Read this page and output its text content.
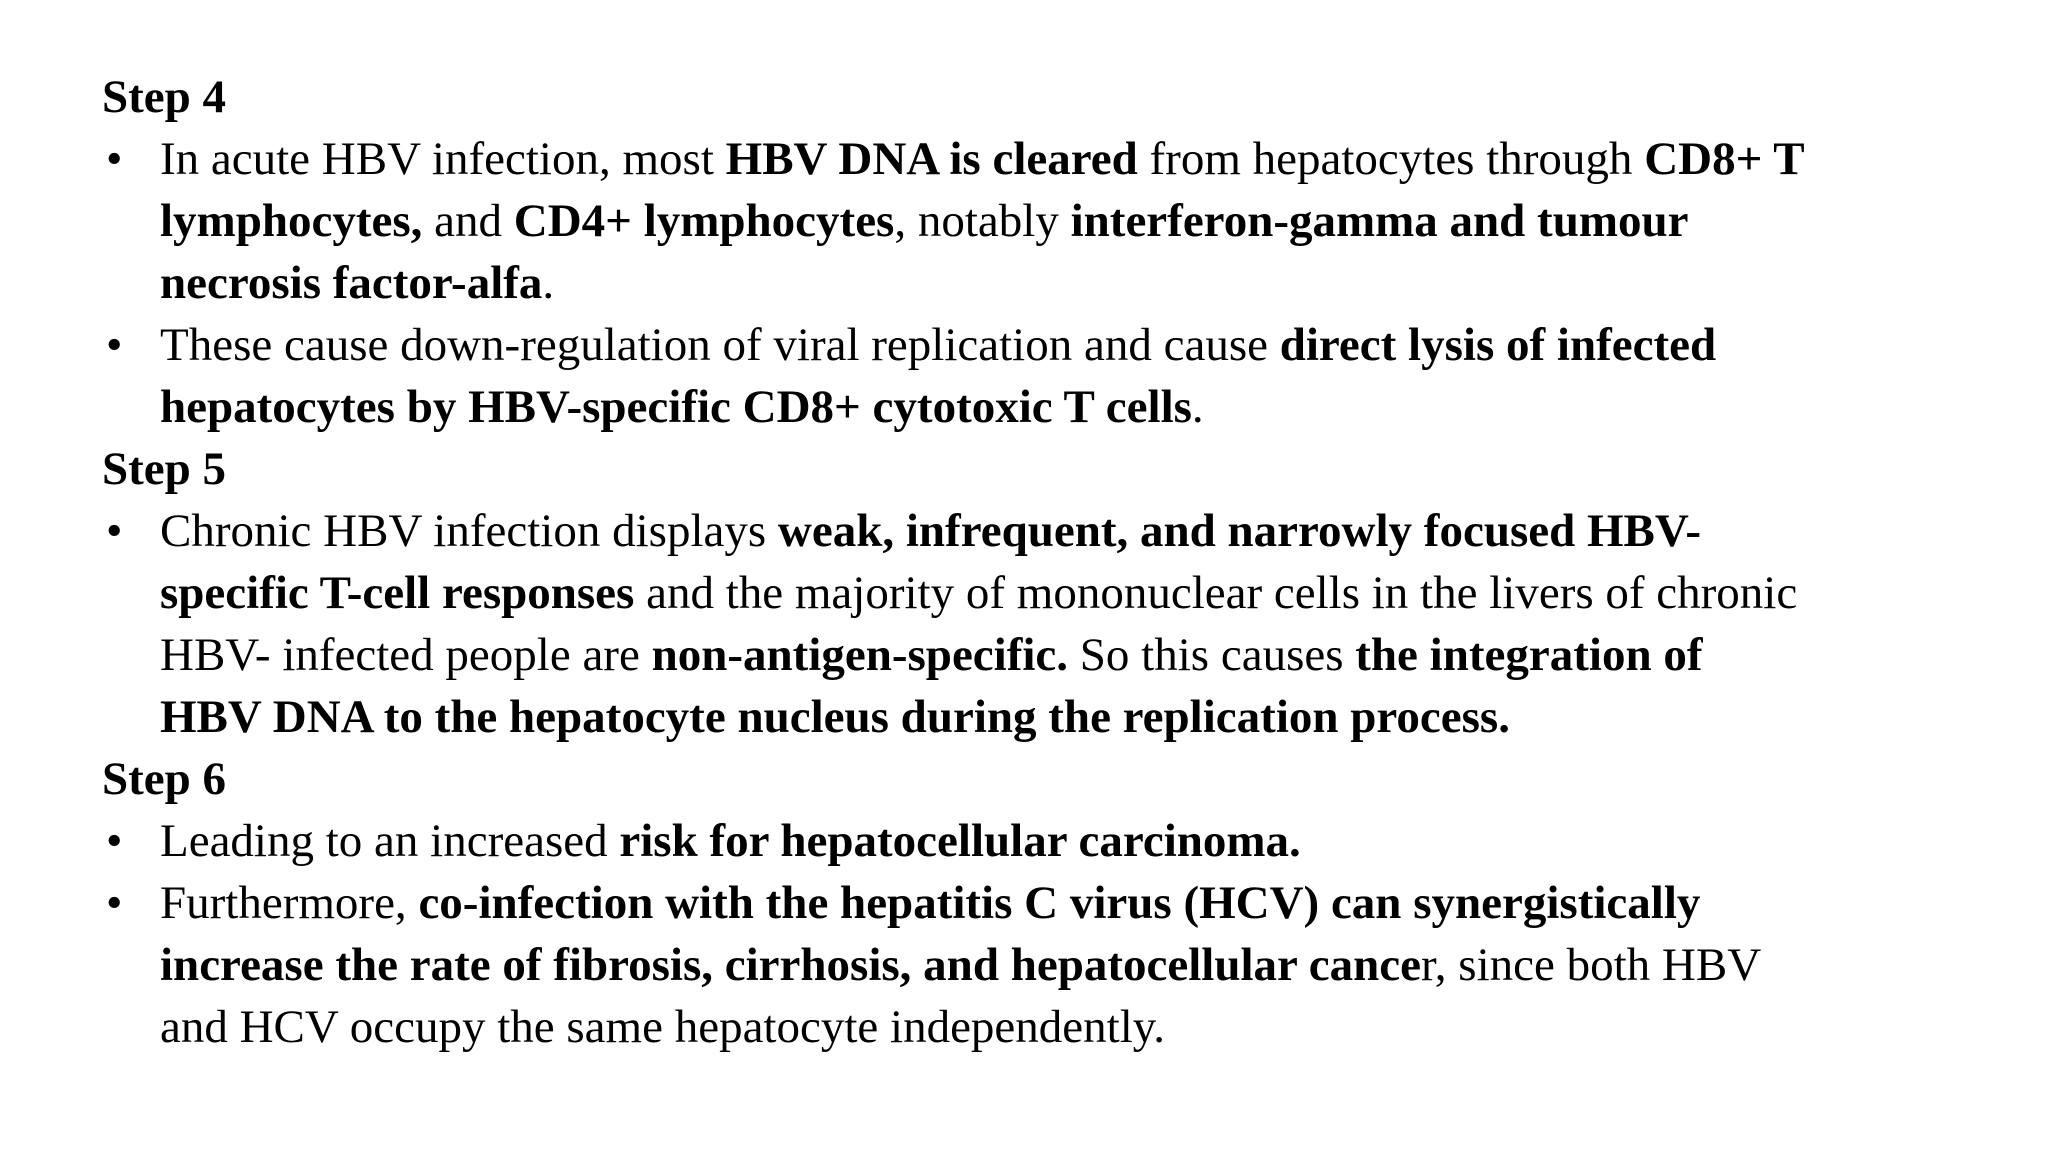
Step 4
• In acute HBV infection, most HBV DNA is cleared from hepatocytes through CD8+ T
lymphocytes, and CD4+ lymphocytes, notably interferon-gamma and tumour
necrosis factor-alfa.
• These cause down-regulation of viral replication and cause direct lysis of infected
hepatocytes by HBV-specific CD8+ cytotoxic T cells.
Step 5
• Chronic HBV infection displays weak, infrequent, and narrowly focused HBV-
specific T-cell responses and the majority of mononuclear cells in the livers of chronic
HBV- infected people are non-antigen-specific. So this causes the integration of
HBV DNA to the hepatocyte nucleus during the replication process.
Step 6
• Leading to an increased risk for hepatocellular carcinoma.
• Furthermore, co-infection with the hepatitis C virus (HCV) can synergistically
increase the rate of fibrosis, cirrhosis, and hepatocellular cancer, since both HBV
and HCV occupy the same hepatocyte independently.
